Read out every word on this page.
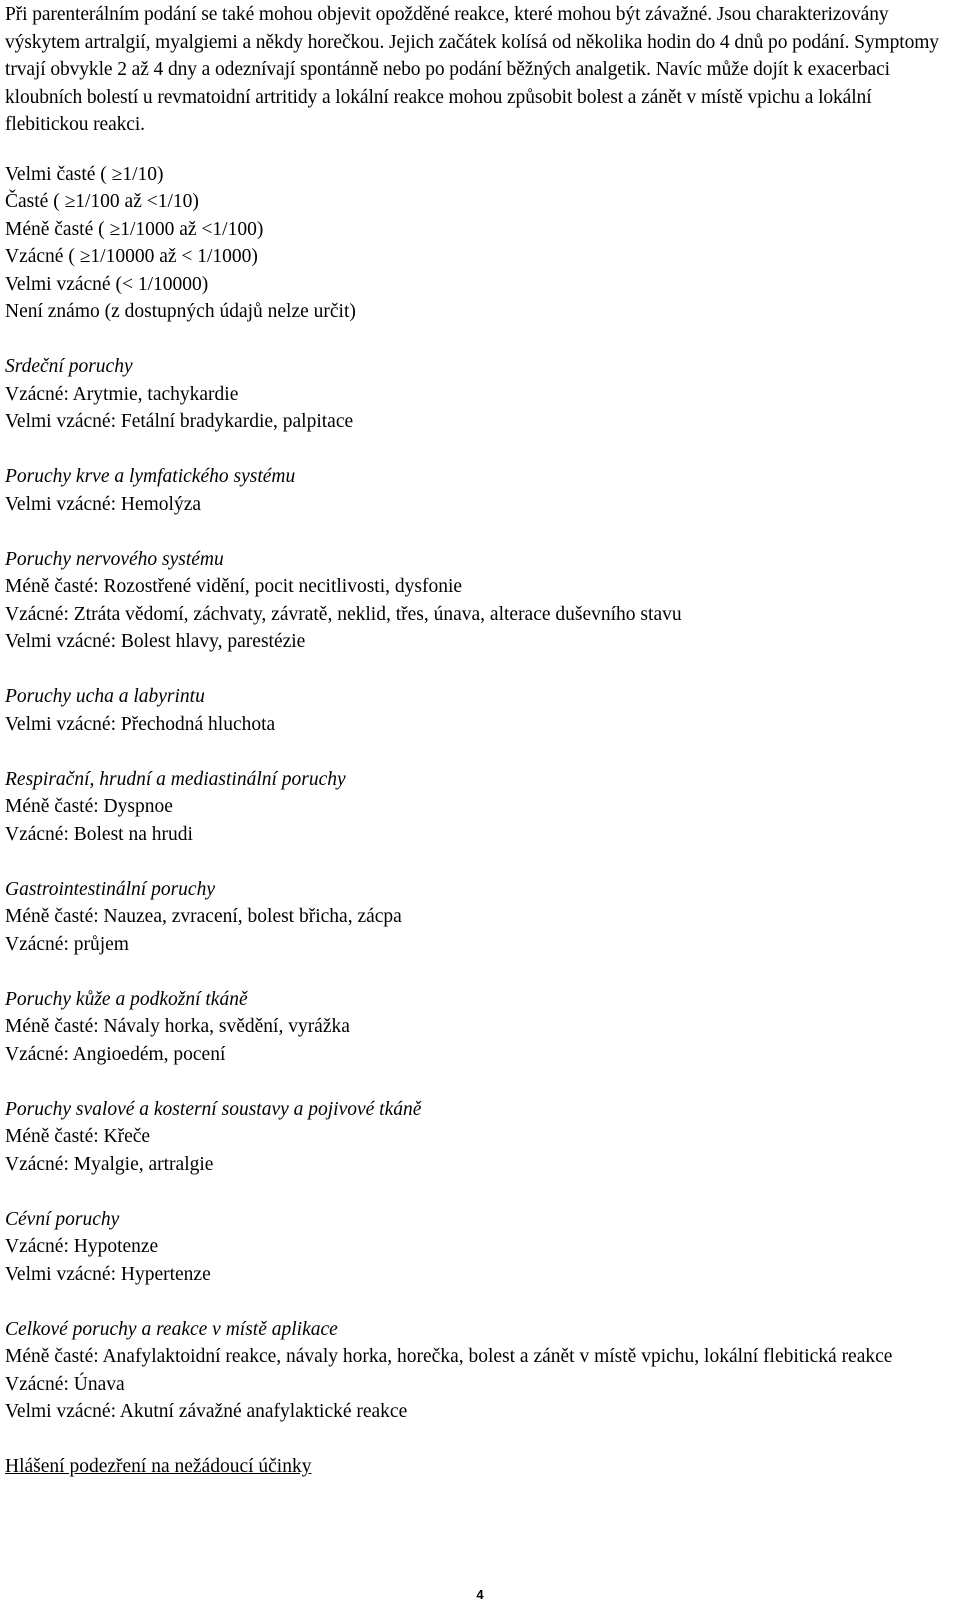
Při parenterálním podání se také mohou objevit opožděné reakce, které mohou být závažné. Jsou charakterizovány výskytem artralgií, myalgiemi a někdy horečkou. Jejich začátek kolísá od několika hodin do 4 dnů po podání. Symptomy trvají obvykle 2 až 4 dny a odeznívají spontánně nebo po podání běžných analgetik. Navíc může dojít k exacerbaci kloubních bolestí u revmatoidní artritidy a lokální reakce mohou způsobit bolest a zánět v místě vpichu a lokální flebitickou reakci.

Velmi časté ( ≥1/10)
Časté ( ≥1/100 až <1/10)
Méně časté ( ≥1/1000 až <1/100)
Vzácné ( ≥1/10000 až < 1/1000)
Velmi vzácné (< 1/10000)
Není známo (z dostupných údajů nelze určit)
Srdeční poruchy
Vzácné: Arytmie, tachykardie
Velmi vzácné: Fetální bradykardie, palpitace
Poruchy krve a lymfatického systému
Velmi vzácné: Hemolýza
Poruchy nervového systému
Méně časté: Rozostřené vidění, pocit necitlivosti, dysfonie
Vzácné: Ztráta vědomí, záchvaty, závratě, neklid, třes, únava, alterace duševního stavu
Velmi vzácné: Bolest hlavy, parestézie
Poruchy ucha a labyrintu
Velmi vzácné: Přechodná hluchota
Respirační, hrudní a mediastinální poruchy
Méně časté: Dyspnoe
Vzácné: Bolest na hrudi
Gastrointestinální poruchy
Méně časté: Nauzea, zvracení, bolest břicha, zácpa
Vzácné: průjem
Poruchy kůže a podkožní tkáně
Méně časté: Návaly horka, svědění, vyrážka
Vzácné: Angioedém, pocení
Poruchy svalové a kosterní soustavy a pojivové tkáně
Méně časté: Křeče
Vzácné: Myalgie, artralgie
Cévní poruchy
Vzácné: Hypotenze
Velmi vzácné: Hypertenze
Celkové poruchy a reakce v místě aplikace
Méně časté: Anafylaktoidní reakce, návaly horka, horečka, bolest a zánět v místě vpichu, lokální flebitická reakce
Vzácné: Únava
Velmi vzácné: Akutní závažné anafylaktické reakce
Hlášení podezření na nežádoucí účinky
4
